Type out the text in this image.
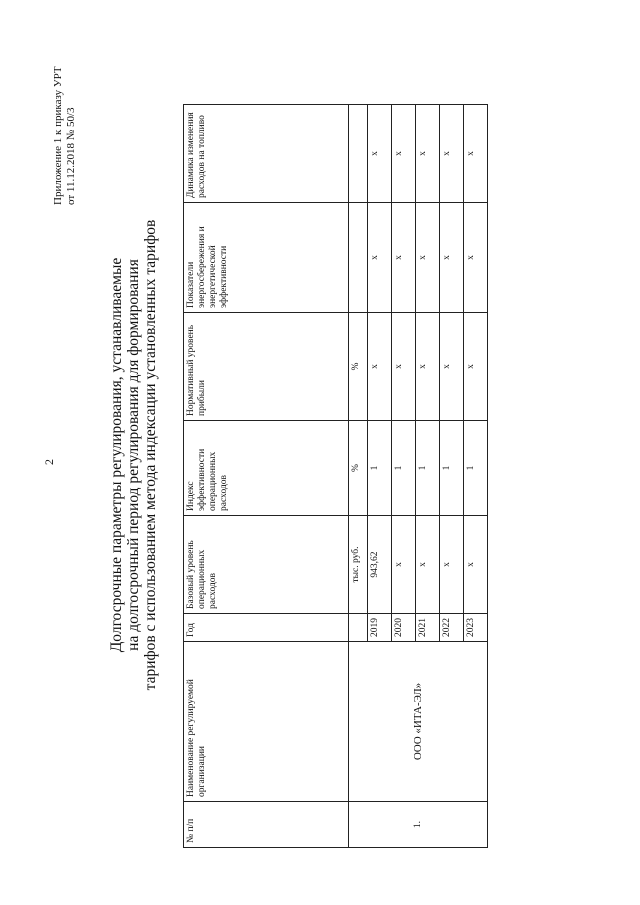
2
Приложение 1 к приказу УРТ от 11.12.2018 № 50/3
Долгосрочные параметры регулирования, устанавливаемые на долгосрочный период регулирования для формирования тарифов с использованием метода индексации установленных тарифов
№ п/п	Наименование регулируемой организации	Год	Базовый уровень операционных расходов	Индекс эффективности операционных расходов	Нормативный уровень прибыли	Показатели энергосбережения и энергетической эффективности	Динамика изменения расходов на топливо
1.	ООО «ИТА-ЭЛ»		тыс. руб.	%	%		
		2019	943,62	1	х	х	х
		2020	х	1	х	х	х
		2021	х	1	х	х	х
		2022	х	1	х	х	х
		2023	х	1	х	х	х
